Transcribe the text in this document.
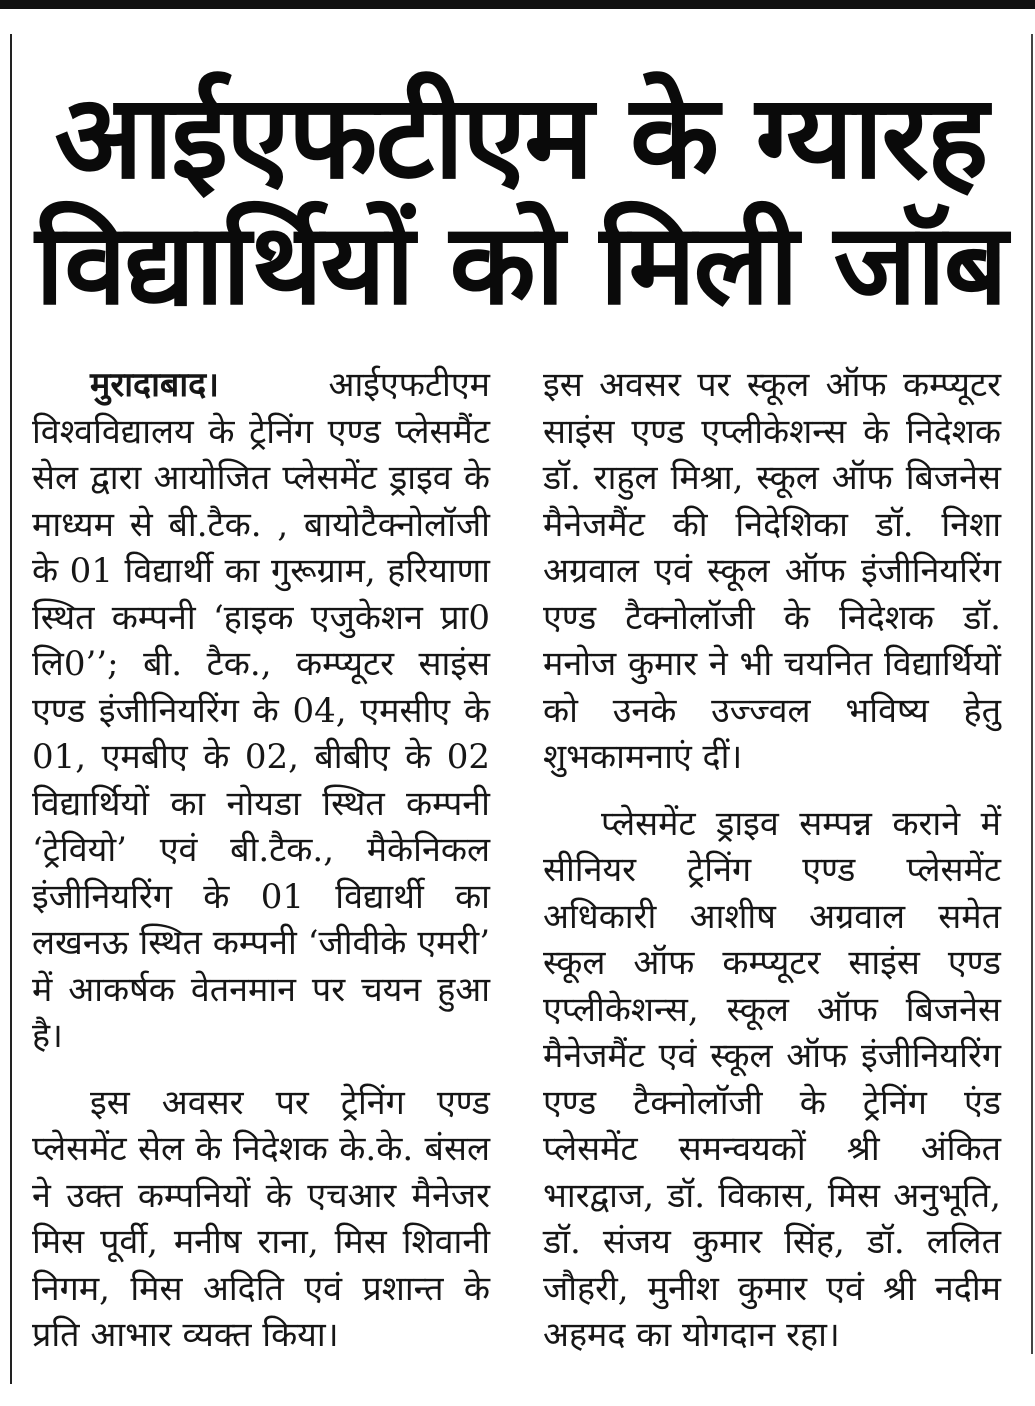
आईएफटीएम के ग्यारह
विद्यार्थियों को मिली जॉब

मुरादाबाद।	आईएफटीएम विश्वविद्यालय के ट्रेनिंग एण्ड प्लेसमैंट सेल द्वारा आयोजित प्लेसमेंट ड्राइव के माध्यम से बी.टैक. , बायोटैक्नोलॉजी के 01 विद्यार्थी का गुरूग्राम, हरियाणा स्थित कम्पनी ‘हाइक एजुकेशन प्रा0 लि0’’; बी. टैक., कम्प्यूटर साइंस एण्ड इंजीनियरिंग के 04, एमसीए के 01, एमबीए के 02, बीबीए के 02 विद्यार्थियों का नोयडा स्थित कम्पनी ‘ट्रेवियो’ एवं बी.टैक., मैकेनिकल इंजीनियरिंग के 01 विद्यार्थी का लखनऊ स्थित कम्पनी ‘जीवीके एमरी’ में आकर्षक वेतनमान पर चयन हुआ है।

इस अवसर पर ट्रेनिंग एण्ड प्लेसमेंट सेल के निदेशक के.के. बंसल ने उक्त कम्पनियों के एचआर मैनेजर मिस पूर्वी, मनीष राना, मिस शिवानी निगम, मिस अदिति एवं प्रशान्त के प्रति आभार व्यक्त किया।

इस अवसर पर स्कूल ऑफ कम्प्यूटर साइंस एण्ड एप्लीकेशन्स के निदेशक डॉ. राहुल मिश्रा, स्कूल ऑफ बिजनेस मैनेजमैंट की निदेशिका डॉ. निशा अग्रवाल एवं स्कूल ऑफ इंजीनियरिंग एण्ड टैक्नोलॉजी के निदेशक डॉ. मनोज कुमार ने भी चयनित विद्यार्थियों को उनके उज्ज्वल भविष्य हेतु शुभकामनाएं दीं।

प्लेसमेंट ड्राइव सम्पन्न कराने में सीनियर ट्रेनिंग एण्ड प्लेसमेंट अधिकारी आशीष अग्रवाल समेत स्कूल ऑफ कम्प्यूटर साइंस एण्ड एप्लीकेशन्स, स्कूल ऑफ बिजनेस मैनेजमैंट एवं स्कूल ऑफ इंजीनियरिंग एण्ड टैक्नोलॉजी के ट्रेनिंग एंड प्लेसमेंट समन्वयकों श्री अंकित भारद्वाज, डॉ. विकास, मिस अनुभूति, डॉ. संजय कुमार सिंह, डॉ. ललित जौहरी, मुनीश कुमार एवं श्री नदीम अहमद का योगदान रहा।
